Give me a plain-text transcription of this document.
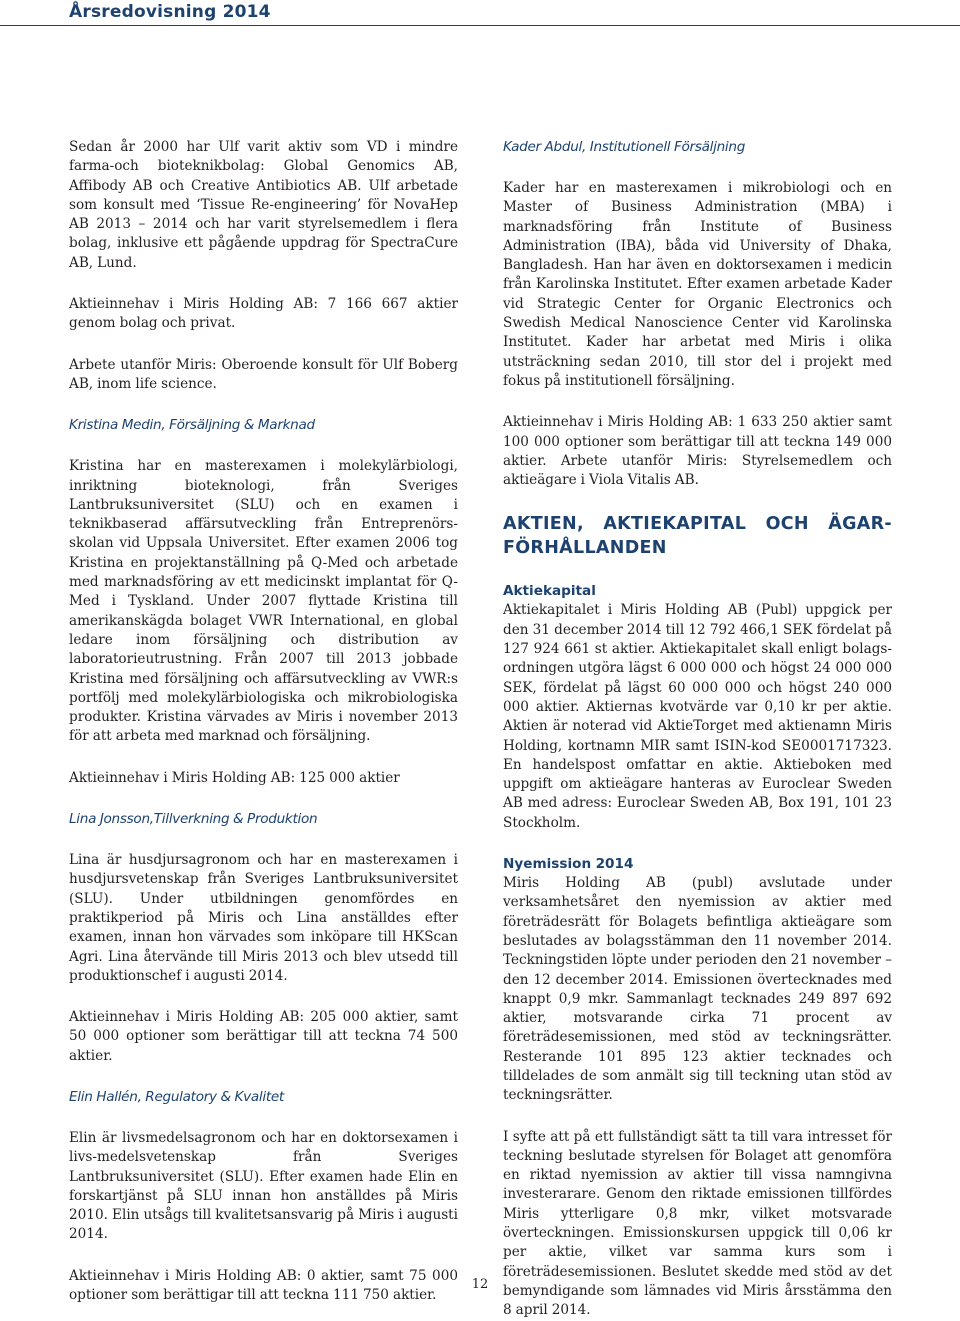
Årsredovisning 2014

Sedan år 2000 har Ulf varit aktiv som VD i mindre farma-och bioteknikbolag: Global Genomics AB, Affibody AB och Creative Antibiotics AB. Ulf arbetade som konsult med ‘Tissue Re-engineering’ för NovaHep AB 2013 – 2014 och har varit styrelsemedlem i flera bolag, inklusive ett pågående uppdrag för SpectraCure AB, Lund.

Aktieinnehav i Miris Holding AB: 7 166 667 aktier genom bolag och privat.

Arbete utanför Miris: Oberoende konsult för Ulf Boberg AB, inom life science.

Kristina Medin, Försäljning & Marknad

Kristina har en masterexamen i molekylärbiologi, inriktning bioteknologi, från Sveriges Lantbruksuniversitet (SLU) och en examen i teknikbaserad affärsutveckling från Entreprenörs-skolan vid Uppsala Universitet. Efter examen 2006 tog Kristina en projektanställning på Q-Med och arbetade med marknadsföring av ett medicinskt implantat för Q-Med i Tyskland. Under 2007 flyttade Kristina till amerikanskägda bolaget VWR International, en global ledare inom försäljning och distribution av laboratorieutrustning. Från 2007 till 2013 jobbade Kristina med försäljning och affärsutveckling av VWR:s portfölj med molekylärbiologiska och mikrobiologiska produkter. Kristina värvades av Miris i november 2013 för att arbeta med marknad och försäljning.

Aktieinnehav i Miris Holding AB: 125 000 aktier

Lina Jonsson,Tillverkning & Produktion

Lina är husdjursagronom och har en masterexamen i husdjursvetenskap från Sveriges Lantbruksuniversitet (SLU). Under utbildningen genomfördes en praktikperiod på Miris och Lina anställdes efter examen, innan hon värvades som inköpare till HKScan Agri. Lina återvände till Miris 2013 och blev utsedd till produktionschef i augusti 2014.

Aktieinnehav i Miris Holding AB: 205 000 aktier, samt 50 000 optioner som berättigar till att teckna 74 500 aktier.

Elin Hallén, Regulatory & Kvalitet

Elin är livsmedelsagronom och har en doktorsexamen i livs-medelsvetenskap från Sveriges Lantbruksuniversitet (SLU). Efter examen hade Elin en forskartjänst på SLU innan hon anställdes på Miris 2010. Elin utsågs till kvalitetsansvarig på Miris i augusti 2014.

Aktieinnehav i Miris Holding AB: 0 aktier, samt 75 000 optioner som berättigar till att teckna 111 750 aktier.

Kader Abdul, Institutionell Försäljning

Kader har en masterexamen i mikrobiologi och en Master of Business Administration (MBA) i marknadsföring från Institute of Business Administration (IBA), båda vid University of Dhaka, Bangladesh. Han har även en doktorsexamen i medicin från Karolinska Institutet. Efter examen arbetade Kader vid Strategic Center for Organic Electronics och Swedish Medical Nanoscience Center vid Karolinska Institutet. Kader har arbetat med Miris i olika utsträckning sedan 2010, till stor del i projekt med fokus på institutionell försäljning.

Aktieinnehav i Miris Holding AB: 1 633 250 aktier samt 100 000 optioner som berättigar till att teckna 149 000 aktier. Arbete utanför Miris: Styrelsemedlem och aktieägare i Viola Vitalis AB.

AKTIEN, AKTIEKAPITAL OCH ÄGAR-FÖRHÅLLANDEN

Aktiekapital

Aktiekapitalet i Miris Holding AB (Publ) uppgick per den 31 december 2014 till 12 792 466,1 SEK fördelat på 127 924 661 st aktier. Aktiekapitalet skall enligt bolags-ordningen utgöra lägst 6 000 000 och högst 24 000 000 SEK, fördelat på lägst 60 000 000 och högst 240 000 000 aktier. Aktiernas kvotvärde var 0,10 kr per aktie. Aktien är noterad vid AktieTorget med aktienamn Miris Holding, kortnamn MIR samt ISIN-kod SE0001717323. En handelspost omfattar en aktie. Aktieboken med uppgift om aktieägare hanteras av Euroclear Sweden AB med adress: Euroclear Sweden AB, Box 191, 101 23 Stockholm.

Nyemission 2014

Miris Holding AB (publ) avslutade under verksamhetsåret den nyemission av aktier med företrädesrätt för Bolagets befintliga aktieägare som beslutades av bolagsstämman den 11 november 2014. Teckningstiden löpte under perioden den 21 november – den 12 december 2014. Emissionen övertecknades med knappt 0,9 mkr. Sammanlagt tecknades 249 897 692 aktier, motsvarande cirka 71 procent av företrädesemissionen, med stöd av teckningsrätter. Resterande 101 895 123 aktier tecknades och tilldelades de som anmält sig till teckning utan stöd av teckningsrätter.

I syfte att på ett fullständigt sätt ta till vara intresset för teckning beslutade styrelsen för Bolaget att genomföra en riktad nyemission av aktier till vissa namngivna investerarare. Genom den riktade emissionen tillfördes Miris ytterligare 0,8 mkr, vilket motsvarade överteckningen. Emissionskursen uppgick till 0,06 kr per aktie, vilket var samma kurs som i företrädesemissionen. Beslutet skedde med stöd av det bemyndigande som lämnades vid Miris årsstämma den 8 april 2014.

12
